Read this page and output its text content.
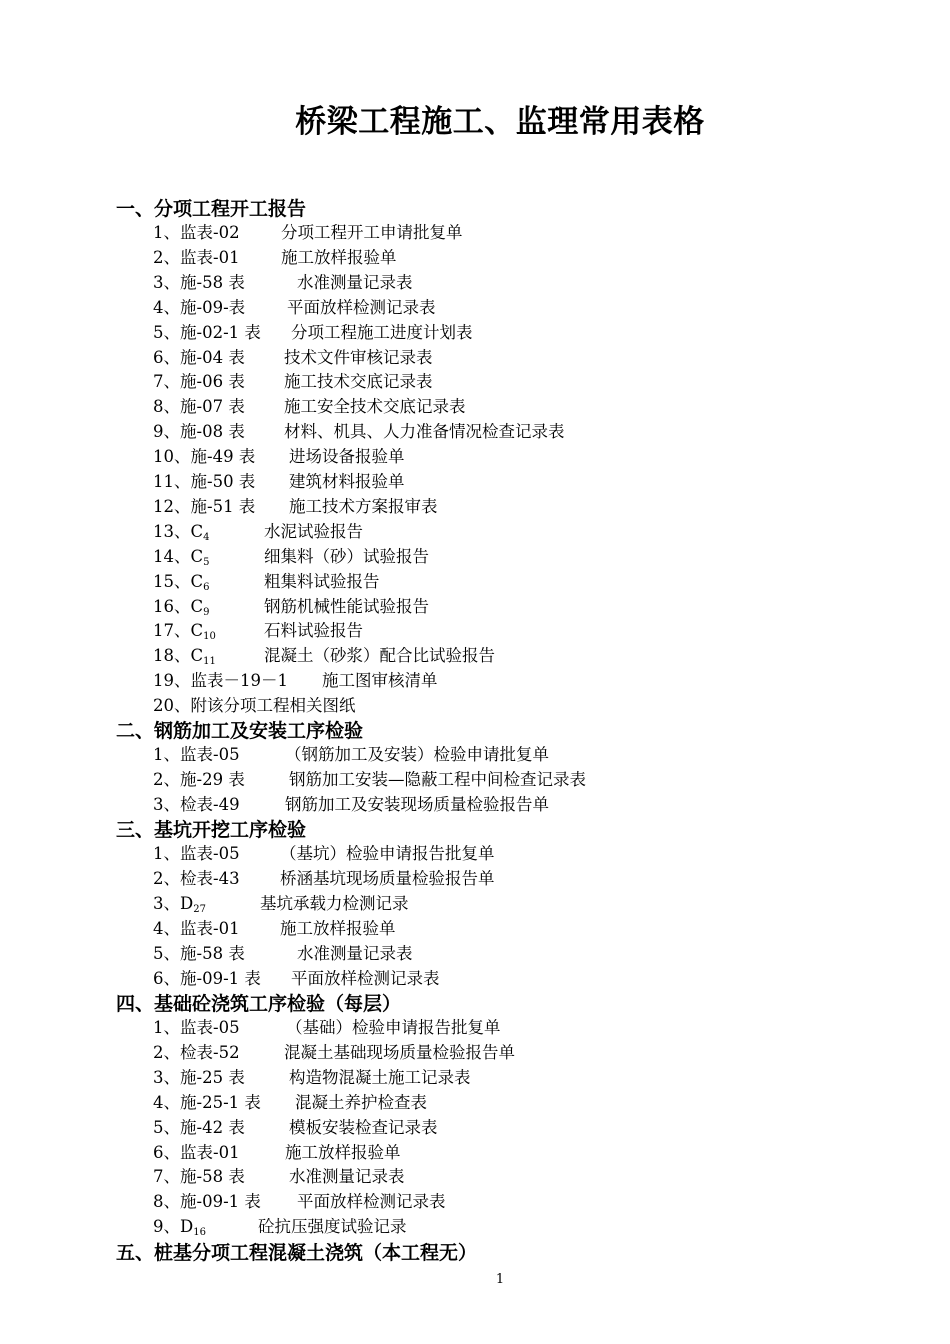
桥梁工程施工、监理常用表格
一、分项工程开工报告
1、监表-02	分项工程开工申请批复单
2、监表-01	施工放样报验单
3、施-58 表	水准测量记录表
4、施-09-表	平面放样检测记录表
5、施-02-1 表 分项工程施工进度计划表
6、施-04 表 技术文件审核记录表
7、施-06 表 施工技术交底记录表
8、施-07 表 施工安全技术交底记录表
9、施-08 表 材料、机具、人力准备情况检查记录表
10、施-49 表 进场设备报验单
11、施-50 表 建筑材料报验单
12、施-51 表 施工技术方案报审表
13、$C_4$	水泥试验报告
14、$C_5$	细集料（砂）试验报告
15、$C_6$	粗集料试验报告
16、$C_9$	钢筋机械性能试验报告
17、$C_{10}$	石料试验报告
18、$C_{11}$	混凝土（砂浆）配合比试验报告
19、监表－19－1 施工图审核清单
20、附该分项工程相关图纸
二、钢筋加工及安装工序检验
1、监表-05	（钢筋加工及安装）检验申请批复单
2、施-29 表	钢筋加工安装—隐蔽工程中间检查记录表
3、检表-49	钢筋加工及安装现场质量检验报告单
三、基坑开挖工序检验
1、监表-05 （基坑）检验申请报告批复单
2、检表-43 桥涵基坑现场质量检验报告单
3、$D_{27}$	基坑承载力检测记录
4、监表-01 施工放样报验单
5、施-58 表	水准测量记录表
6、施-09-1 表 平面放样检测记录表
四、基础砼浇筑工序检验（每层）
1、监表-05	（基础）检验申请报告批复单
2、检表-52	混凝土基础现场质量检验报告单
3、施-25 表	构造物混凝土施工记录表
4、施-25-1 表 混凝土养护检查表
5、施-42 表	模板安装检查记录表
6、监表-01	施工放样报验单
7、施-58 表	水准测量记录表
8、施-09-1 表 平面放样检测记录表
9、$D_{16}$	砼抗压强度试验记录
五、桩基分项工程混凝土浇筑（本工程无）
1
